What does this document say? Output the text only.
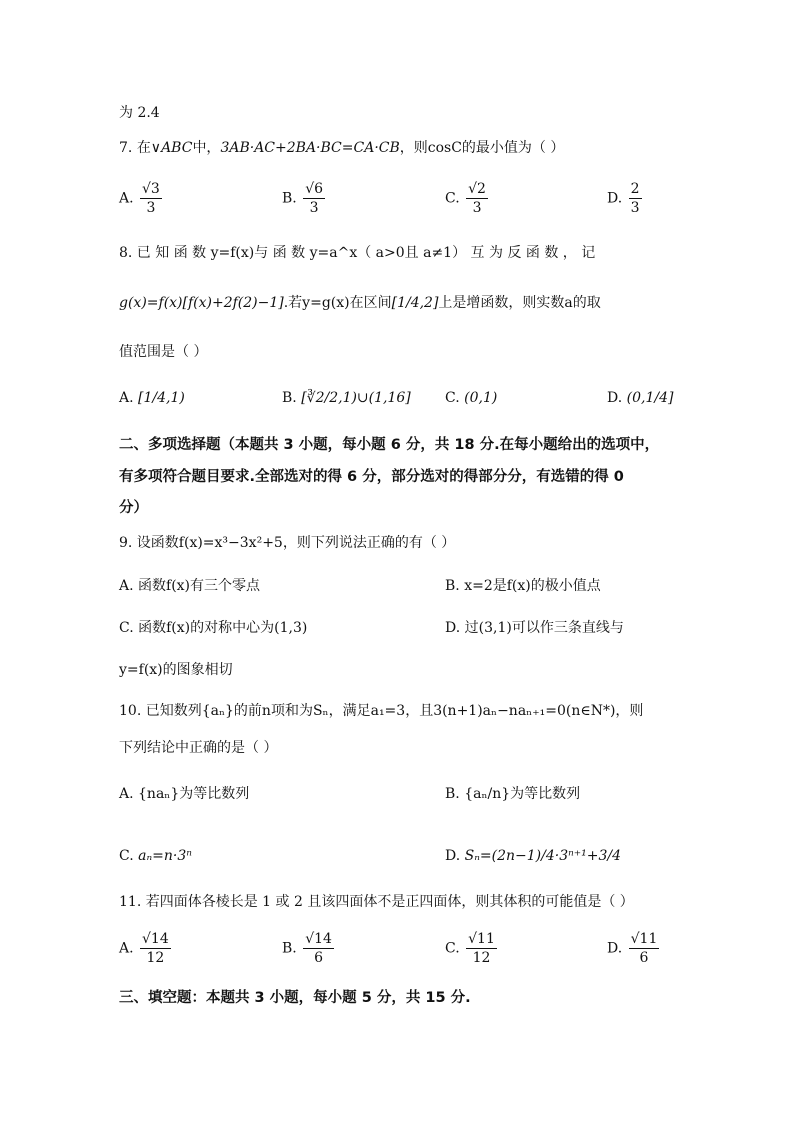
为 2.4
7. 在∨ABC中，3AB·AC+2BA·BC=CA·CB，则cosC的最小值为（ ）
A. $\frac{√3}{3}$	B. $\frac{√6}{3}$	C. $\frac{√2}{3}$	D. $\frac{2}{3}$
8. 已 知 函 数 y=f(x)与 函 数 y=a^x（ a>0且 a≠1） 互 为 反 函 数 ， 记
g(x)=f(x)[f(x)+2f(2)−1].若y=g(x)在区间[1/4,2]上是增函数，则实数a的取
值范围是（ ）
A. [1/4,1)	B. [∛2/2,1)∪(1,16] C. (0,1)	D. (0,1/4]
二、多项选择题（本题共 3 小题，每小题 6 分，共 18 分.在每小题给出的选项中，
有多项符合题目要求.全部选对的得 6 分，部分选对的得部分分，有选错的得 0
分）
9. 设函数f(x)=x³−3x²+5，则下列说法正确的有（ ）
A. 函数f(x)有三个零点	B. x=2是f(x)的极小值点
C. 函数f(x)的对称中心为(1,3)	D. 过(3,1)可以作三条直线与
y=f(x)的图象相切
10. 已知数列{aₙ}的前n项和为Sₙ，满足a₁=3，且3(n+1)aₙ−naₙ₊₁=0(n∈N*)，则
下列结论中正确的是（ ）
A. {naₙ}为等比数列	B. {aₙ/n}为等比数列
C. aₙ=n·3ⁿ	D. Sₙ=(2n−1)/4·3ⁿ⁺¹+3/4
11. 若四面体各棱长是 1 或 2 且该四面体不是正四面体，则其体积的可能值是（ ）
A. $\frac{√14}{12}$	B. $\frac{√14}{6}$	C. $\frac{√11}{12}$	D. $\frac{√11}{6}$
三、填空题：本题共 3 小题，每小题 5 分，共 15 分.
